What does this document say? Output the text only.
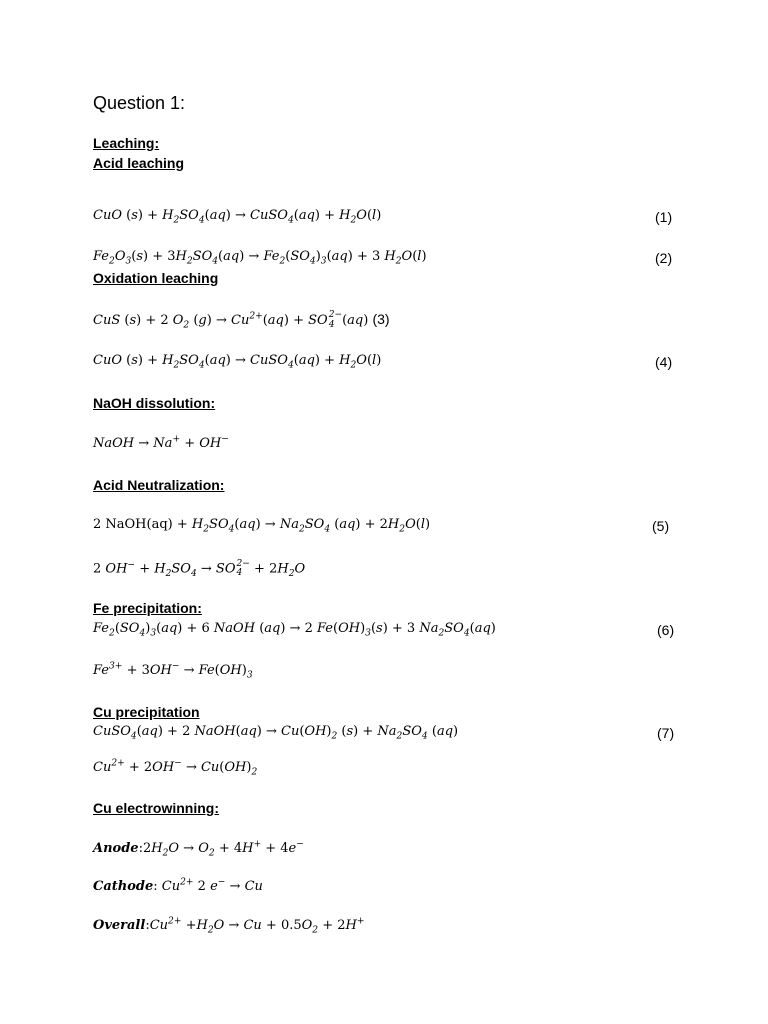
Question 1:
Leaching:
Acid leaching
CuO $(s) + H_2SO_4(aq)$ → CuSO$_4$(aq) + $H_2O(l)$	(1)
$Fe_2O_3(s) + 3H_2SO_4(aq) \to Fe_2(SO_4)_3(aq) + 3$ $H_2O(l)$	(2)
Oxidation leaching
CuS (s) + 2 $O_2$ $(g) \to Cu^{2+}(aq)$ + SO 2−
4 (aq) (3)
CuO $(s) + H_2SO_4(aq)$ → CuSO$_4$(aq) + $H_2O(l)$	(4)
NaOH dissolution:
NaOH → Na+ + OH−
Acid Neutralization:
2 NaOH(aq) + $H_2SO_4(aq) \to Na_2SO_4$ $(aq) + 2H_2O(l)$	(5)
2 $OH^- + H_2SO_4$ → SO 2−
$4 + 2H_2O$
Fe precipitation:
$Fe_2(SO_4)_3(aq) + 6$ NaOH (aq) → 2 $Fe(OH)_3(s) + 3$ $Na_2SO_4(aq)$	(6)
$Fe^{3+} + 3OH^- \to Fe(OH)_3$
Cu precipitation
CuSO$_4$(aq) + 2 NaOH(aq) → $Cu(OH)_2$ $(s) + Na_2SO_4$ (aq)	(7)
$Cu^{2+} + 2OH^- \to Cu(OH)_2$
Cu electrowinning:
$Anode:2H_2O \to O_2 + 4H^+ + 4e^-$
Cathode: $Cu^{2+}$ 2 e− → Cu
$Overall:Cu^{2+} +H_2O \to Cu + 0.5O_2 + 2H^+$
